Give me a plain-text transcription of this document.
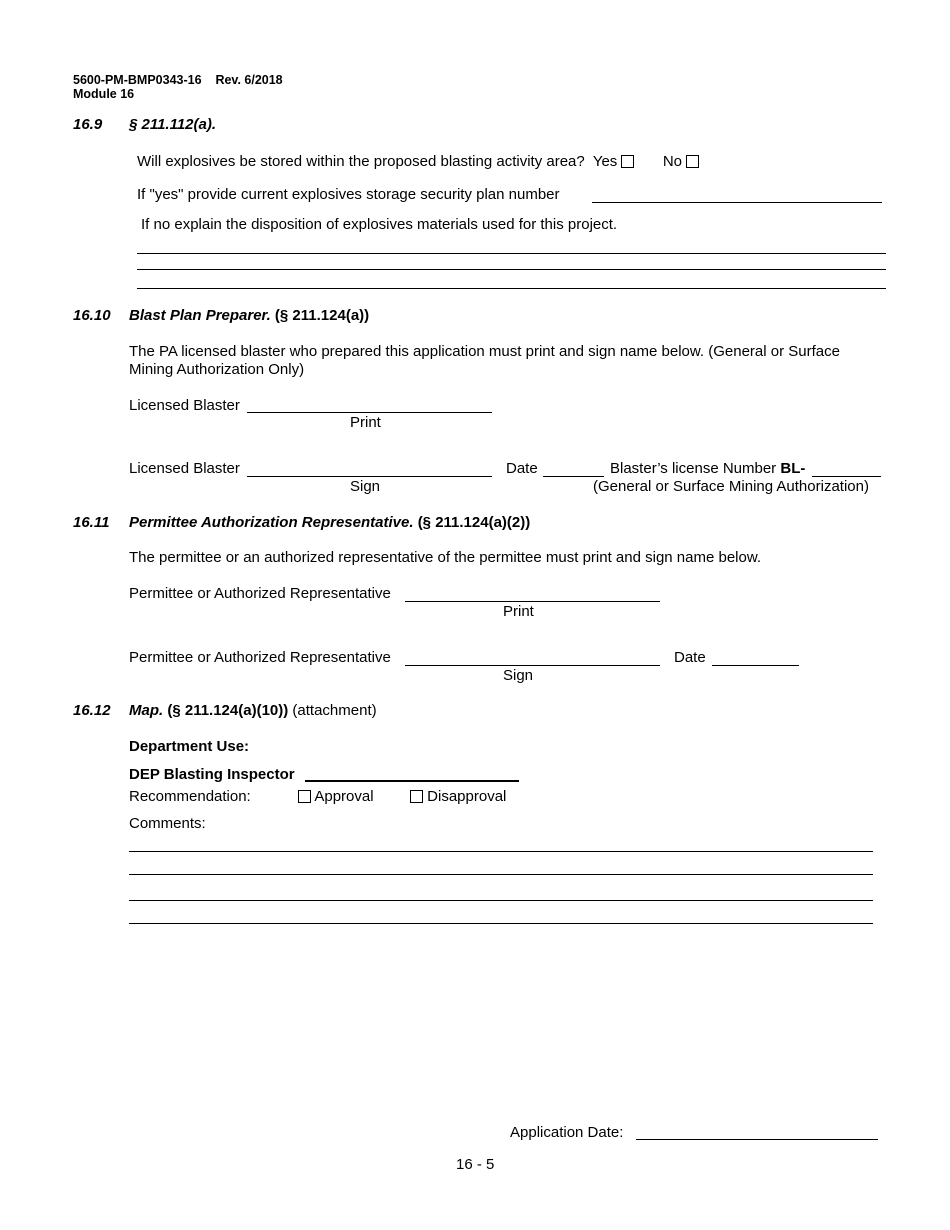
5600-PM-BMP0343-16 Rev. 6/2018
Module 16
16.9 § 211.112(a).
Will explosives be stored within the proposed blasting activity area? Yes	No
If "yes" provide current explosives storage security plan number
If no explain the disposition of explosives materials used for this project.
16.10 Blast Plan Preparer. (§ 211.124(a))
The PA licensed blaster who prepared this application must print and sign name below. (General or Surface Mining Authorization Only)
Licensed Blaster
Print
Licensed Blaster
Sign
Date	Blaster’s license Number BL-
(General or Surface Mining Authorization)
16.11 Permittee Authorization Representative. (§ 211.124(a)(2))
The permittee or an authorized representative of the permittee must print and sign name below.
Permittee or Authorized Representative
Print
Permittee or Authorized Representative
Sign
Date
16.12 Map. (§ 211.124(a)(10)) (attachment)
Department Use:
DEP Blasting Inspector
Recommendation:	Approval	Disapproval
Comments:
Application Date:
16 - 5
